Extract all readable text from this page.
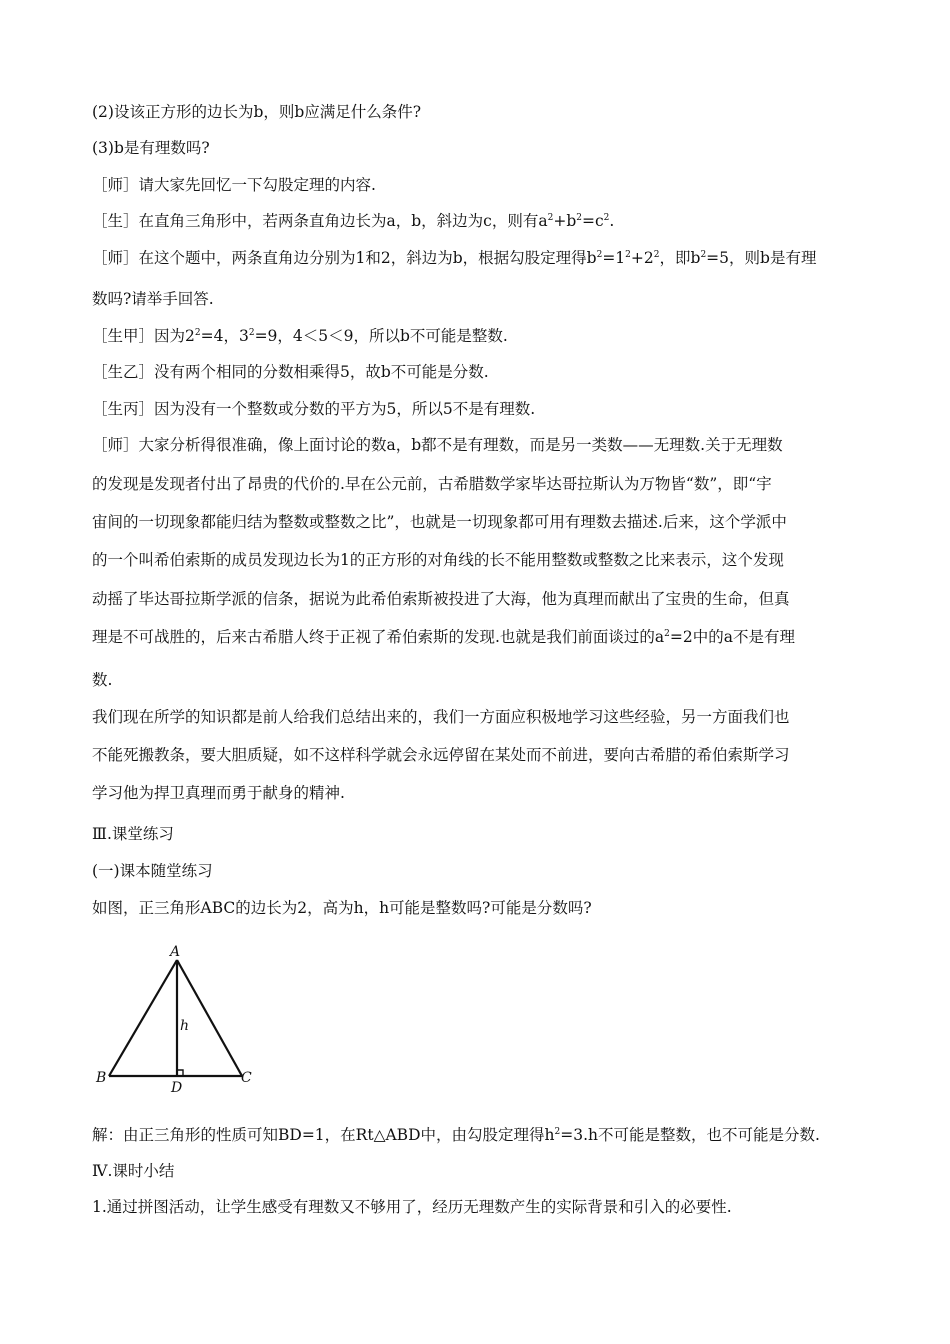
(2)设该正方形的边长为b，则b应满足什么条件?
(3)b是有理数吗?
［师］请大家先回忆一下勾股定理的内容.
［生］在直角三角形中，若两条直角边长为a，b，斜边为c，则有$a^2+b^2=c^2$.
［师］在这个题中，两条直角边分别为1和2，斜边为b，根据勾股定理得$b^2=1^2+2^2$，即$b^2=5$，则b是有理
数吗?请举手回答.
［生甲］因为$2^2=4$，$3^2=9$，4＜5＜9，所以b不可能是整数.
［生乙］没有两个相同的分数相乘得5，故b不可能是分数.
［生丙］因为没有一个整数或分数的平方为5，所以5不是有理数.
［师］大家分析得很准确，像上面讨论的数a，b都不是有理数，而是另一类数——无理数.关于无理数
的发现是发现者付出了昂贵的代价的.早在公元前，古希腊数学家毕达哥拉斯认为万物皆“数”，即“宇
宙间的一切现象都能归结为整数或整数之比”，也就是一切现象都可用有理数去描述.后来，这个学派中
的一个叫希伯索斯的成员发现边长为1的正方形的对角线的长不能用整数或整数之比来表示，这个发现
动摇了毕达哥拉斯学派的信条，据说为此希伯索斯被投进了大海，他为真理而献出了宝贵的生命，但真
理是不可战胜的，后来古希腊人终于正视了希伯索斯的发现.也就是我们前面谈过的$a^2=2$中的a不是有理
数.
我们现在所学的知识都是前人给我们总结出来的，我们一方面应积极地学习这些经验，另一方面我们也
不能死搬教条，要大胆质疑，如不这样科学就会永远停留在某处而不前进，要向古希腊的希伯索斯学习
学习他为捍卫真理而勇于献身的精神.
Ⅲ.课堂练习
(一)课本随堂练习
如图，正三角形ABC的边长为2，高为h，h可能是整数吗?可能是分数吗?
A
B	C
D
h
解：由正三角形的性质可知BD=1，在Rt△ABD中，由勾股定理得$h^2=3.h$不可能是整数，也不可能是分数.
Ⅳ.课时小结
1.通过拼图活动，让学生感受有理数又不够用了，经历无理数产生的实际背景和引入的必要性.
